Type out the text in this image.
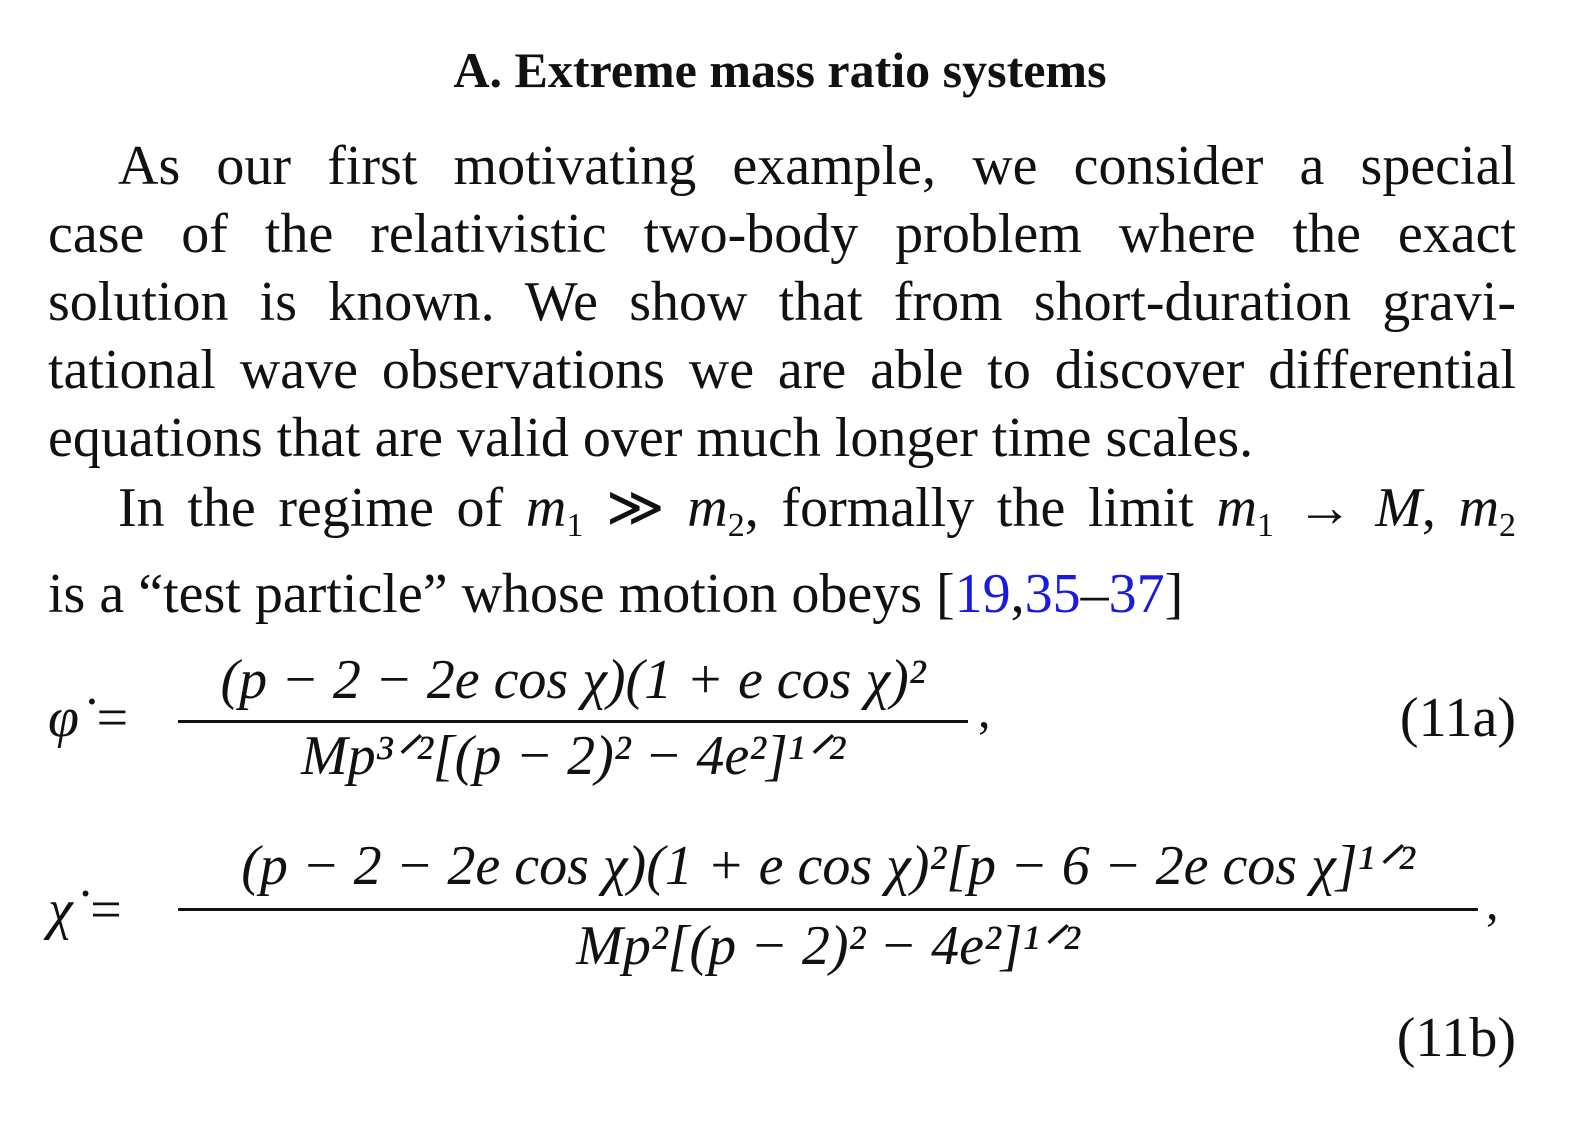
A. Extreme mass ratio systems
As our first motivating example, we consider a special
case of the relativistic two-body problem where the exact
solution is known. We show that from short-duration gravi-
tational wave observations we are able to discover differential
equations that are valid over much longer time scales.
In the regime of $m_1$ ≫ $m_2$, formally the limit $m_1 \to M$, $m_2$
is a “test particle” whose motion obeys [19,35–37]
φ̇ =
(p − 2 − 2e cos χ)(1 + e cos χ)²
Mp³ᐟ²[(p − 2)² − 4e²]¹ᐟ²
,	(11a)
χ̇ =
(p − 2 − 2e cos χ)(1 + e cos χ)²[p − 6 − 2e cos χ]¹ᐟ²
Mp²[(p − 2)² − 4e²]¹ᐟ²
,
(11b)
